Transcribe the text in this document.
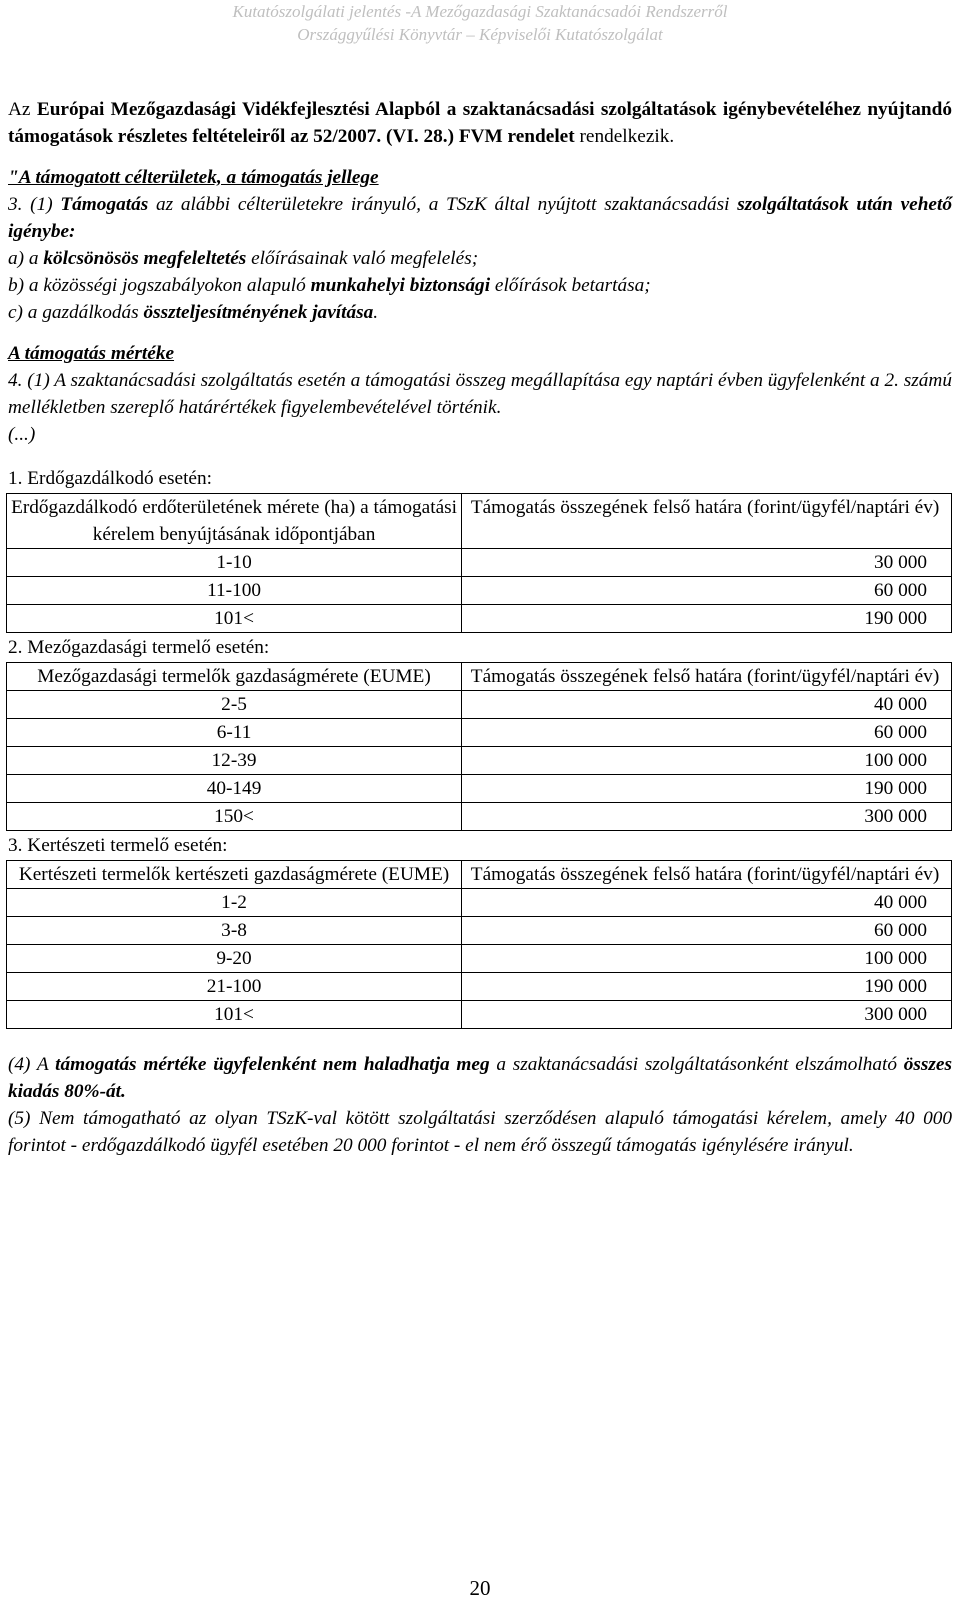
Kutatószolgálati jelentés -A Mezőgazdasági Szaktanácsadói Rendszerről
Országgyűlési Könyvtár – Képviselői Kutatószolgálat

Az Európai Mezőgazdasági Vidékfejlesztési Alapból a szaktanácsadási szolgáltatások igénybevételéhez nyújtandó támogatások részletes feltételeiről az 52/2007. (VI. 28.) FVM rendelet rendelkezik.

"A támogatott célterületek, a támogatás jellege

3. (1) Támogatás az alábbi célterületekre irányuló, a TSzK által nyújtott szaktanácsadási szolgáltatások után vehető igénybe:

a) a kölcsönösös megfeleltetés előírásainak való megfelelés;

b) a közösségi jogszabályokon alapuló munkahelyi biztonsági előírások betartása;

c) a gazdálkodás összteljesítményének javítása.

A támogatás mértéke

4. (1) A szaktanácsadási szolgáltatás esetén a támogatási összeg megállapítása egy naptári évben ügyfelenként a 2. számú mellékletben szereplő határértékek figyelembevételével történik.

(...)

1. Erdőgazdálkodó esetén:

Erdőgazdálkodó erdőterületének mérete (ha) a támogatási kérelem benyújtásának időpontjában	Támogatás összegének felső határa (forint/ügyfél/naptári év)
1-10	30 000
11-100	60 000
101<	190 000

2. Mezőgazdasági termelő esetén:

Mezőgazdasági termelők gazdaságmérete (EUME)	Támogatás összegének felső határa (forint/ügyfél/naptári év)
2-5	40 000
6-11	60 000
12-39	100 000
40-149	190 000
150<	300 000

3. Kertészeti termelő esetén:

Kertészeti termelők kertészeti gazdaságmérete (EUME)	Támogatás összegének felső határa (forint/ügyfél/naptári év)
1-2	40 000
3-8	60 000
9-20	100 000
21-100	190 000
101<	300 000

(4) A támogatás mértéke ügyfelenként nem haladhatja meg a szaktanácsadási szolgáltatásonként elszámolható összes kiadás 80%-át.

(5) Nem támogatható az olyan TSzK-val kötött szolgáltatási szerződésen alapuló támogatási kérelem, amely 40 000 forintot - erdőgazdálkodó ügyfél esetében 20 000 forintot - el nem érő összegű támogatás igénylésére irányul.

20
